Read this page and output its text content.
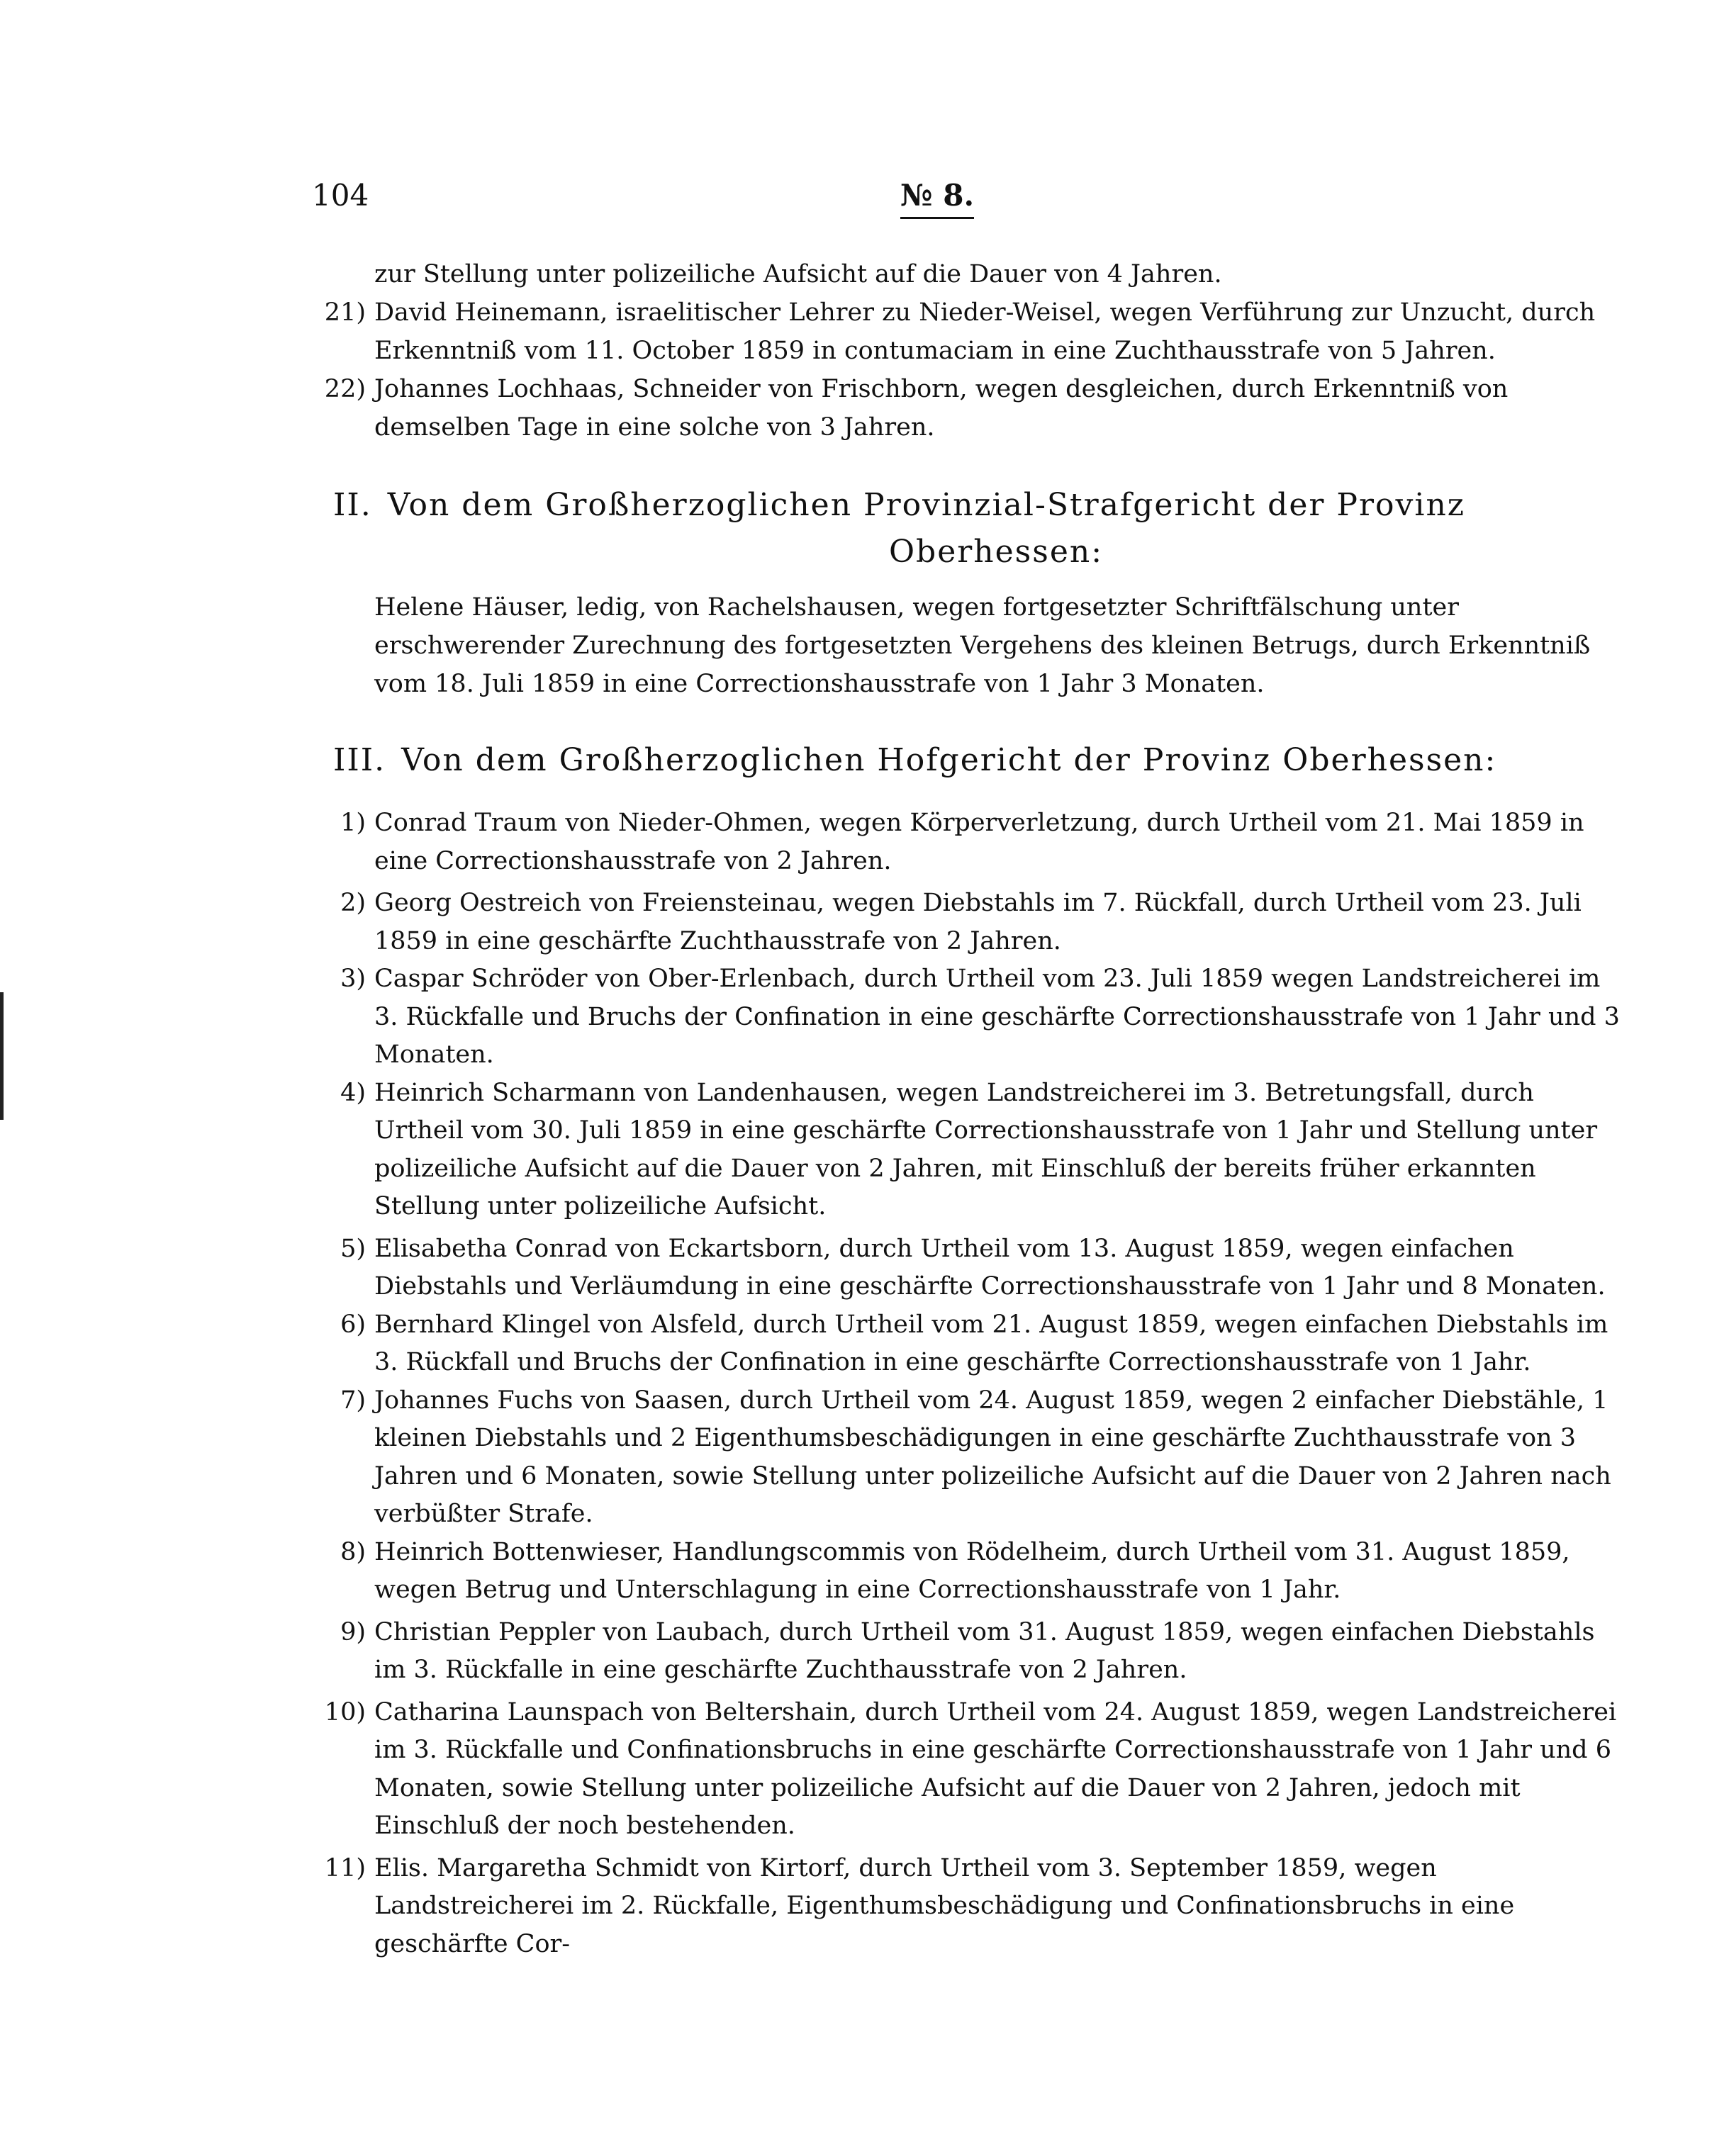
104	№ 8.

zur Stellung unter polizeiliche Aufsicht auf die Dauer von 4 Jahren.

21) David Heinemann, israelitischer Lehrer zu Nieder-Weisel, wegen Verführung zur Unzucht, durch Erkenntniß vom 11. October 1859 in contumaciam in eine Zuchthausstrafe von 5 Jahren.

22) Johannes Lochhaas, Schneider von Frischborn, wegen desgleichen, durch Erkenntniß von demselben Tage in eine solche von 3 Jahren.

II. Von dem Großherzoglichen Provinzial-Strafgericht der Provinz
Oberhessen:

Helene Häuser, ledig, von Rachelshausen, wegen fortgesetzter Schriftfälschung unter erschwerender Zurechnung des fortgesetzten Vergehens des kleinen Betrugs, durch Erkenntniß vom 18. Juli 1859 in eine Correctionshausstrafe von 1 Jahr 3 Monaten.

III. Von dem Großherzoglichen Hofgericht der Provinz Oberhessen:

1) Conrad Traum von Nieder-Ohmen, wegen Körperverletzung, durch Urtheil vom 21. Mai 1859 in eine Correctionshausstrafe von 2 Jahren.

2) Georg Oestreich von Freiensteinau, wegen Diebstahls im 7. Rückfall, durch Urtheil vom 23. Juli 1859 in eine geschärfte Zuchthausstrafe von 2 Jahren.

3) Caspar Schröder von Ober-Erlenbach, durch Urtheil vom 23. Juli 1859 wegen Landstreicherei im 3. Rückfalle und Bruchs der Confination in eine geschärfte Correctionshausstrafe von 1 Jahr und 3 Monaten.

4) Heinrich Scharmann von Landenhausen, wegen Landstreicherei im 3. Betretungsfall, durch Urtheil vom 30. Juli 1859 in eine geschärfte Correctionshausstrafe von 1 Jahr und Stellung unter polizeiliche Aufsicht auf die Dauer von 2 Jahren, mit Einschluß der bereits früher erkannten Stellung unter polizeiliche Aufsicht.

5) Elisabetha Conrad von Eckartsborn, durch Urtheil vom 13. August 1859, wegen einfachen Diebstahls und Verläumdung in eine geschärfte Correctionshausstrafe von 1 Jahr und 8 Monaten.

6) Bernhard Klingel von Alsfeld, durch Urtheil vom 21. August 1859, wegen einfachen Diebstahls im 3. Rückfall und Bruchs der Confination in eine geschärfte Correctionshausstrafe von 1 Jahr.

7) Johannes Fuchs von Saasen, durch Urtheil vom 24. August 1859, wegen 2 einfacher Diebstähle, 1 kleinen Diebstahls und 2 Eigenthumsbeschädigungen in eine geschärfte Zuchthausstrafe von 3 Jahren und 6 Monaten, sowie Stellung unter polizeiliche Aufsicht auf die Dauer von 2 Jahren nach verbüßter Strafe.

8) Heinrich Bottenwieser, Handlungscommis von Rödelheim, durch Urtheil vom 31. August 1859, wegen Betrug und Unterschlagung in eine Correctionshausstrafe von 1 Jahr.

9) Christian Peppler von Laubach, durch Urtheil vom 31. August 1859, wegen einfachen Diebstahls im 3. Rückfalle in eine geschärfte Zuchthausstrafe von 2 Jahren.

10) Catharina Launspach von Beltershain, durch Urtheil vom 24. August 1859, wegen Landstreicherei im 3. Rückfalle und Confinationsbruchs in eine geschärfte Correctionshausstrafe von 1 Jahr und 6 Monaten, sowie Stellung unter polizeiliche Aufsicht auf die Dauer von 2 Jahren, jedoch mit Einschluß der noch bestehenden.

11) Elis. Margaretha Schmidt von Kirtorf, durch Urtheil vom 3. September 1859, wegen Landstreicherei im 2. Rückfalle, Eigenthumsbeschädigung und Confinationsbruchs in eine geschärfte Cor-
